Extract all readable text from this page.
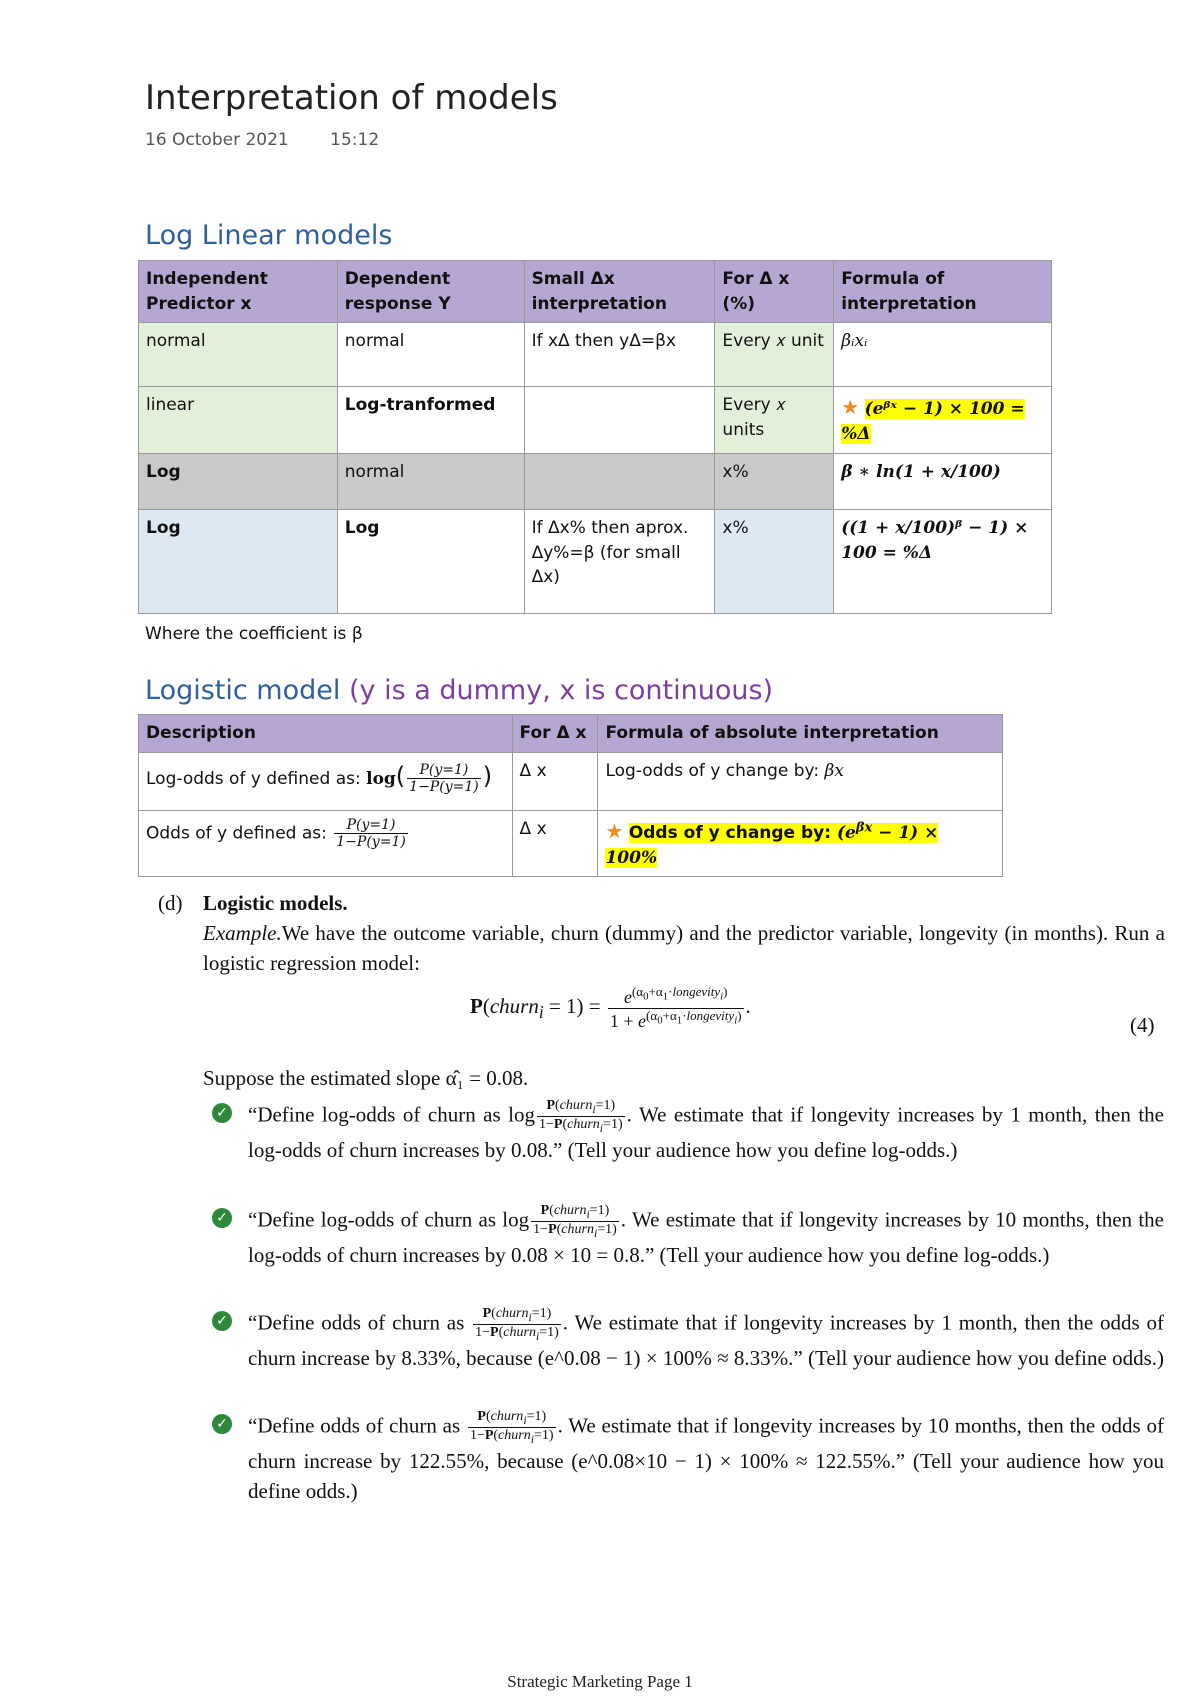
Interpretation of models
16 October 2021 15:12
Log Linear models
Independent Predictor x	Dependent response Y	Small Δx interpretation	For Δ x (%)	Formula of interpretation
normal	normal	If xΔ then yΔ=βx	Every 𝑥 unit	βᵢxᵢ
linear	Log-tranformed		Every 𝑥 units	★ (eᵝˣ − 1) × 100 = %Δ
Log	normal		x%	β ∗ ln(1 + x/100)
Log	Log	If Δx% then aprox. Δy%=β (for small Δx)	x%	((1 + x/100)ᵝ − 1) × 100 = %Δ
Where the coefficient is β
Logistic model (y is a dummy, x is continuous)
Description	For Δ x	Formula of absolute interpretation
Log-odds of y defined as: $\log( \frac{P(y=1)}{1-P(y=1)}$ )	Δ x	Log-odds of y change by: βx
Odds of y defined as: $\frac{P(y=1)}{1-P(y=1)}$	Δ x	★ Odds of y change by: $(e^{\beta x} - 1) \times 100\%$
(d) Logistic models.
Example.We have the outcome variable, churn (dummy) and the predictor variable, longevity (in months). Run a logistic regression model:
P(churn$_i$ = $1) = \frac{e^{(\alpha_0+\alpha_1\cdot longevity_i)}}{1 + e^{(\alpha_0+\alpha_1\cdot longevity_i)}}$ .
(4)
Suppose the estimated slope α̂₁ = 0.08.
✓ “Define log-odds of churn as $\log \frac{P(churn_i=1)}{1-P(churn_i=1)}$ . We estimate that if longevity increases by 1 month, then the log-odds of churn increases by 0.08.” (Tell your audience how you define log-odds.)
✓ “Define log-odds of churn as $\log \frac{P(churn_i=1)}{1-P(churn_i=1)}$ . We estimate that if longevity increases by 10 months, then the log-odds of churn increases by 0.08 × 10 = 0.8.” (Tell your audience how you define log-odds.)
✓ “Define odds of churn as $\frac{P(churn_i=1)}{1-P(churn_i=1)}$ . We estimate that if longevity increases by 1 month, then the odds of churn increase by 8.33%, because (e^0.08 − 1) × 100% ≈ 8.33%.” (Tell your audience how you define odds.)
✓ “Define odds of churn as $\frac{P(churn_i=1)}{1-P(churn_i=1)}$ . We estimate that if longevity increases by 10 months, then the odds of churn increase by 122.55%, because (e^0.08×10 − 1) × 100% ≈ 122.55%.” (Tell your audience how you define odds.)
Strategic Marketing Page 1
